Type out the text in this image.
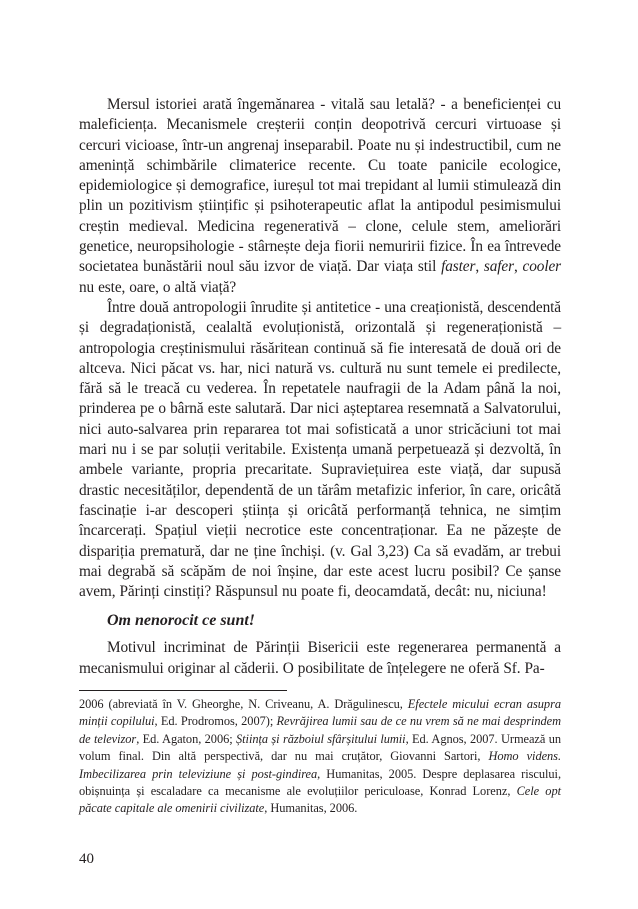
Mersul istoriei arată îngemănarea - vitală sau letală? - a beneficienței cu maleficiența. Mecanismele creșterii conțin deopotrivă cercuri virtuoase și cercuri vicioase, într-un angrenaj inseparabil. Poate nu și indestructibil, cum ne amenință schimbările climaterice recente. Cu toate panicile ecologice, epidemiologice și demografice, iureșul tot mai trepidant al lumii stimulează din plin un pozitivism științific și psihoterapeutic aflat la antipodul pesimismului creștin medieval. Medicina regenerativă – clone, celule stem, ameliorări genetice, neuropsihologie - stârnește deja fiorii nemuririi fizice. În ea întrevede societatea bunăstării noul său izvor de viață. Dar viața stil faster, safer, cooler nu este, oare, o altă viață?

Între două antropologii înrudite și antitetice - una creaționistă, descendentă și degradaționistă, cealaltă evoluționistă, orizontală și regeneraționistă – antropologia creștinismului răsăritean continuă să fie interesată de două ori de altceva. Nici păcat vs. har, nici natură vs. cultură nu sunt temele ei predilecte, fără să le treacă cu vederea. În repetatele naufragii de la Adam până la noi, prinderea pe o bârnă este salutară. Dar nici așteptarea resemnată a Salvatorului, nici auto-salvarea prin repararea tot mai sofisticată a unor stricăciuni tot mai mari nu i se par soluții veritabile. Existența umană perpetuează și dezvoltă, în ambele variante, propria precaritate. Supraviețuirea este viață, dar supusă drastic necesităților, dependentă de un tărâm metafizic inferior, în care, oricâtă fascinație i-ar descoperi știința și oricâtă performanță tehnica, ne simțim încarcerați. Spațiul vieții necrotice este concentraționar. Ea ne păzește de dispariția prematură, dar ne ține închiși. (v. Gal 3,23) Ca să evadăm, ar trebui mai degrabă să scăpăm de noi înșine, dar este acest lucru posibil? Ce șanse avem, Părinți cinstiți? Răspunsul nu poate fi, deocamdată, decât: nu, niciuna!

Om nenorocit ce sunt!

Motivul incriminat de Părinții Bisericii este regenerarea permanentă a mecanismului originar al căderii. O posibilitate de înțelegere ne oferă Sf. Pa-

2006 (abreviată în V. Gheorghe, N. Criveanu, A. Drăgulinescu, Efectele micului ecran asupra minții copilului, Ed. Prodromos, 2007); Revrăjirea lumii sau de ce nu vrem să ne mai desprindem de televizor, Ed. Agaton, 2006; Știința și războiul sfârșitului lumii, Ed. Agnos, 2007. Urmează un volum final. Din altă perspectivă, dar nu mai cruțător, Giovanni Sartori, Homo videns. Imbecilizarea prin televiziune și post-gindirea, Humanitas, 2005. Despre deplasarea riscului, obișnuința și escaladare ca mecanisme ale evoluțiilor periculoase, Konrad Lorenz, Cele opt păcate capitale ale omenirii civilizate, Humanitas, 2006.

40
